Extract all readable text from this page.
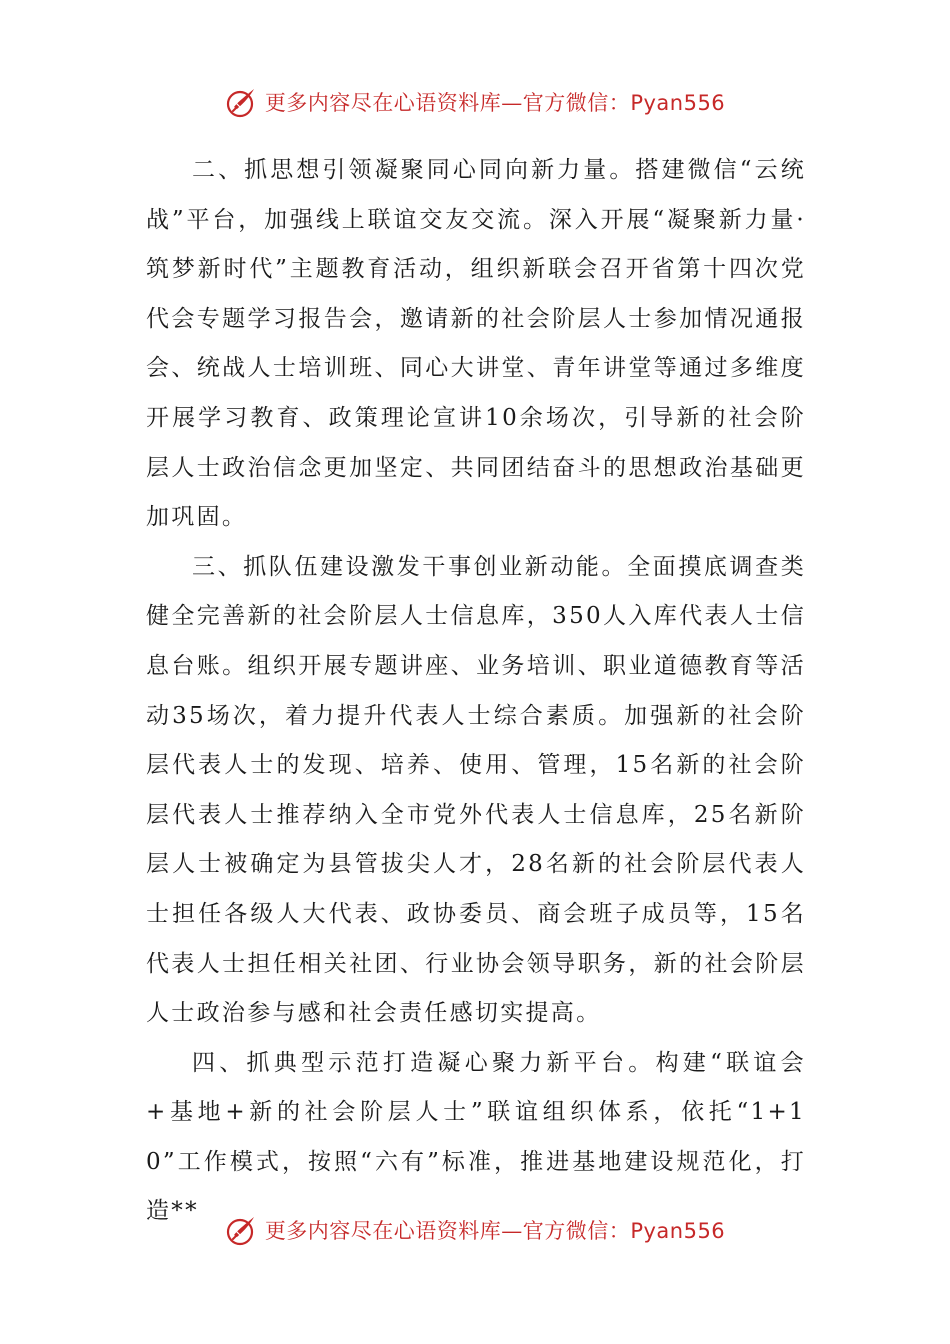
更多内容尽在心语资料库—官方微信：Pyan556

二、抓思想引领凝聚同心同向新力量。搭建微信“云统战”平台，加强线上联谊交友交流。深入开展“凝聚新力量·筑梦新时代”主题教育活动，组织新联会召开省第十四次党代会专题学习报告会，邀请新的社会阶层人士参加情况通报会、统战人士培训班、同心大讲堂、青年讲堂等通过多维度开展学习教育、政策理论宣讲10余场次，引导新的社会阶层人士政治信念更加坚定、共同团结奋斗的思想政治基础更加巩固。

三、抓队伍建设激发干事创业新动能。全面摸底调查类健全完善新的社会阶层人士信息库，350人入库代表人士信息台账。组织开展专题讲座、业务培训、职业道德教育等活动35场次，着力提升代表人士综合素质。加强新的社会阶层代表人士的发现、培养、使用、管理，15名新的社会阶层代表人士推荐纳入全市党外代表人士信息库，25名新阶层人士被确定为县管拔尖人才，28名新的社会阶层代表人士担任各级人大代表、政协委员、商会班子成员等，15名代表人士担任相关社团、行业协会领导职务，新的社会阶层人士政治参与感和社会责任感切实提高。

四、抓典型示范打造凝心聚力新平台。构建“联谊会+基地+新的社会阶层人士”联谊组织体系，依托“1+10”工作模式，按照“六有”标准，推进基地建设规范化，打造**

更多内容尽在心语资料库—官方微信：Pyan556
